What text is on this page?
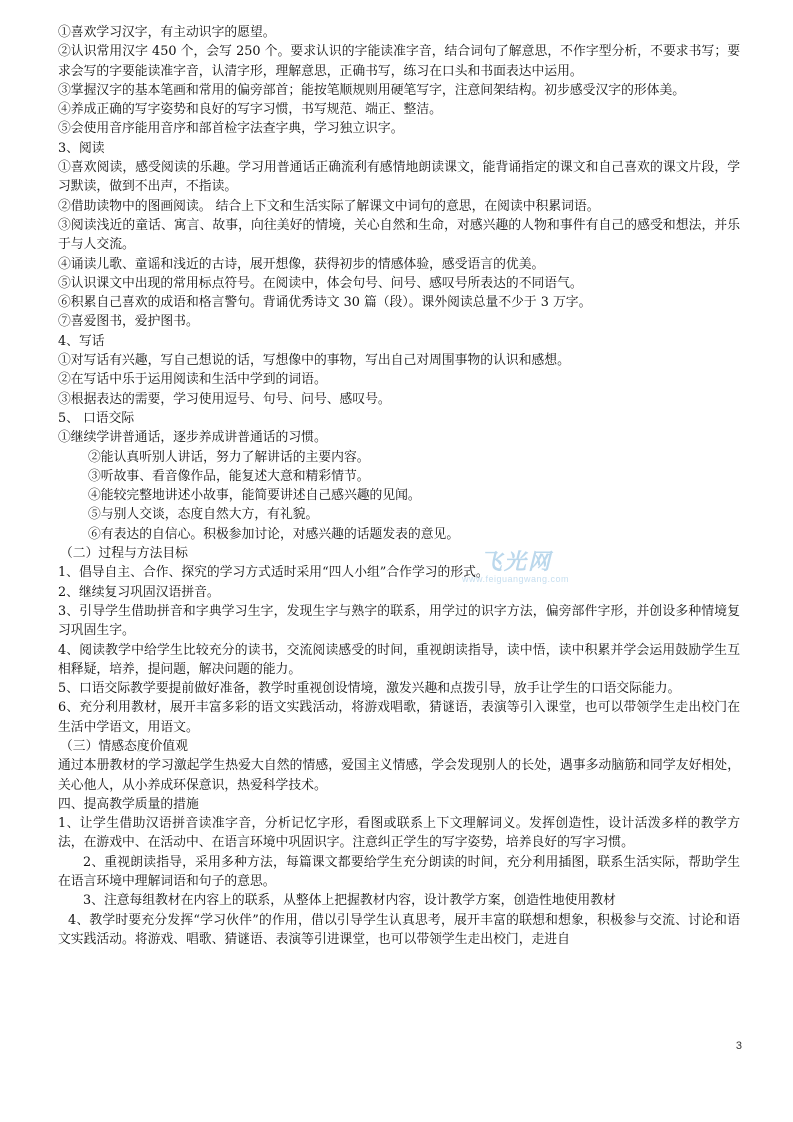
①喜欢学习汉字，有主动识字的愿望。

②认识常用汉字 450 个，会写 250 个。要求认识的字能读准字音，结合词句了解意思，不作字型分析，不要求书写；要求会写的字要能读准字音，认清字形，理解意思，正确书写，练习在口头和书面表达中运用。

③掌握汉字的基本笔画和常用的偏旁部首；能按笔顺规则用硬笔写字，注意间架结构。初步感受汉字的形体美。

④养成正确的写字姿势和良好的写字习惯，书写规范、端正、整洁。

⑤会使用音序能用音序和部首检字法查字典，学习独立识字。

3、阅读

①喜欢阅读，感受阅读的乐趣。学习用普通话正确流利有感情地朗读课文，能背诵指定的课文和自己喜欢的课文片段，学习默读，做到不出声，不指读。

②借助读物中的图画阅读。 结合上下文和生活实际了解课文中词句的意思，在阅读中积累词语。

③阅读浅近的童话、寓言、故事，向往美好的情境，关心自然和生命，对感兴趣的人物和事件有自己的感受和想法，并乐于与人交流。

④诵读儿歌、童谣和浅近的古诗，展开想像，获得初步的情感体验，感受语言的优美。

⑤认识课文中出现的常用标点符号。在阅读中，体会句号、问号、感叹号所表达的不同语气。

⑥积累自己喜欢的成语和格言警句。背诵优秀诗文 30 篇（段）。课外阅读总量不少于 3 万字。

⑦喜爱图书，爱护图书。

4、写话

①对写话有兴趣，写自己想说的话，写想像中的事物，写出自己对周围事物的认识和感想。

②在写话中乐于运用阅读和生活中学到的词语。

③根据表达的需要，学习使用逗号、句号、问号、感叹号。

5、 口语交际

①继续学讲普通话，逐步养成讲普通话的习惯。

②能认真听别人讲话，努力了解讲话的主要内容。

③听故事、看音像作品，能复述大意和精彩情节。

④能较完整地讲述小故事，能简要讲述自己感兴趣的见闻。

⑤与别人交谈，态度自然大方，有礼貌。

⑥有表达的自信心。积极参加讨论，对感兴趣的话题发表的意见。

（二）过程与方法目标

1、倡导自主、合作、探究的学习方式适时采用“四人小组”合作学习的形式。

2、继续复习巩固汉语拼音。

3、引导学生借助拼音和字典学习生字，发现生字与熟字的联系，用学过的识字方法，偏旁部件字形，并创设多种情境复习巩固生字。

4、阅读教学中给学生比较充分的读书，交流阅读感受的时间，重视朗读指导，读中悟，读中积累并学会运用鼓励学生互相释疑，培养，提问题，解决问题的能力。

5、口语交际教学要提前做好准备，教学时重视创设情境，激发兴趣和点拨引导，放手让学生的口语交际能力。

6、充分利用教材，展开丰富多彩的语文实践活动，将游戏唱歌，猜谜语，表演等引入课堂，也可以带领学生走出校门在生活中学语文，用语文。

（三）情感态度价值观

通过本册教材的学习激起学生热爱大自然的情感，爱国主义情感，学会发现别人的长处，遇事多动脑筋和同学友好相处，关心他人，从小养成环保意识，热爱科学技术。

四、提高教学质量的措施

1、让学生借助汉语拼音读准字音，分析记忆字形，看图或联系上下文理解词义。发挥创造性，设计活泼多样的教学方法，在游戏中、在活动中、在语言环境中巩固识字。注意纠正学生的写字姿势，培养良好的写字习惯。

2、重视朗读指导，采用多种方法，每篇课文都要给学生充分朗读的时间，充分利用插图，联系生活实际，帮助学生在语言环境中理解词语和句子的意思。

3、注意每组教材在内容上的联系，从整体上把握教材内容，设计教学方案，创造性地使用教材

4、教学时要充分发挥“学习伙伴”的作用，借以引导学生认真思考，展开丰富的联想和想象，积极参与交流、讨论和语文实践活动。将游戏、唱歌、猜谜语、表演等引进课堂，也可以带领学生走出校门，走进自

飞光网
www.feiguangwang.com
3
